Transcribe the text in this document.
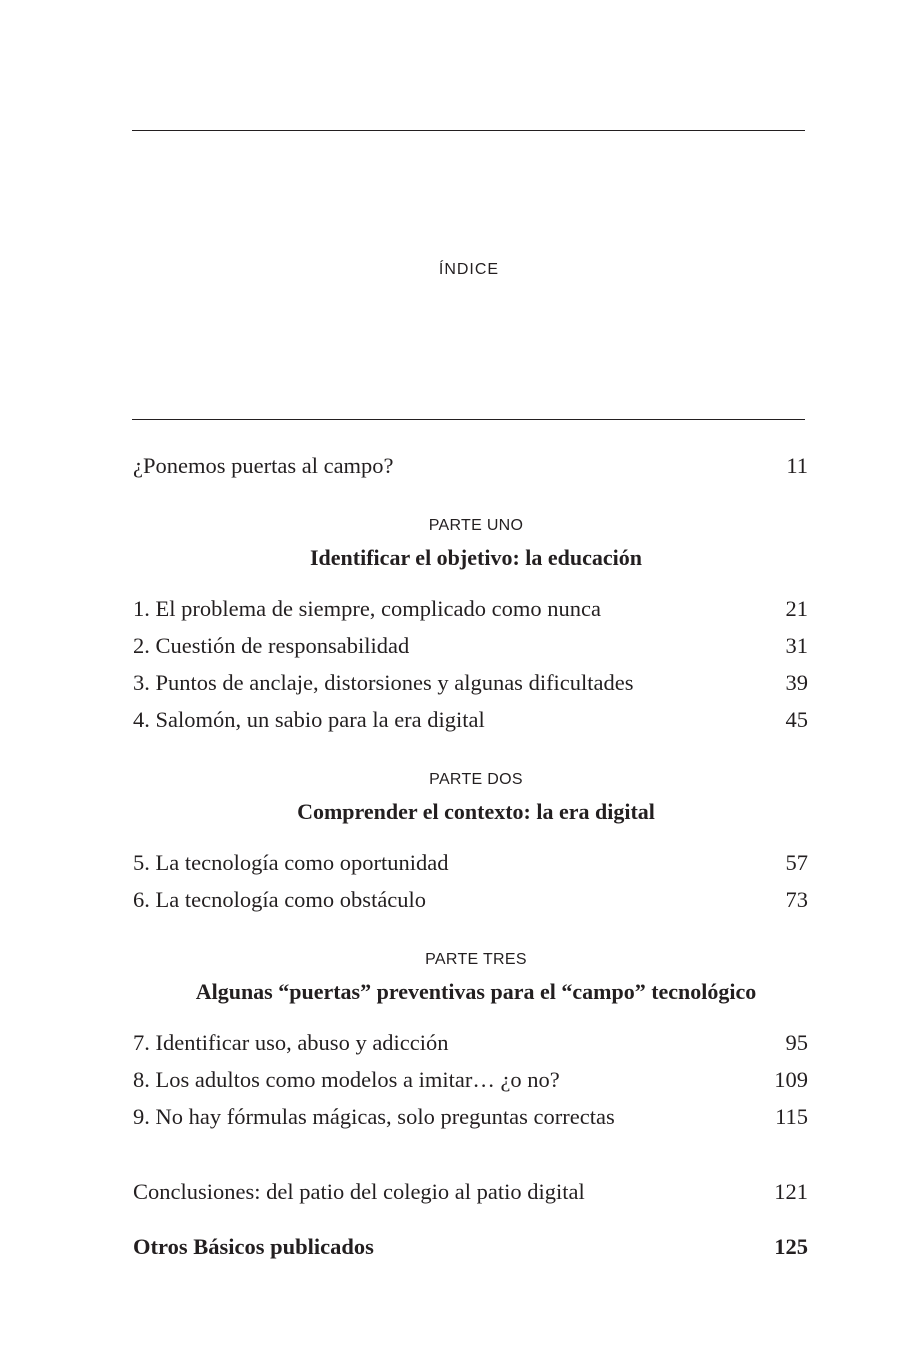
ÍNDICE
¿Ponemos puertas al campo?	11
PARTE UNO
Identificar el objetivo: la educación
1. El problema de siempre, complicado como nunca	21
2. Cuestión de responsabilidad	31
3. Puntos de anclaje, distorsiones y algunas dificultades	39
4. Salomón, un sabio para la era digital	45
PARTE DOS
Comprender el contexto: la era digital
5. La tecnología como oportunidad	57
6. La tecnología como obstáculo	73
PARTE TRES
Algunas “puertas” preventivas para el “campo” tecnológico
7. Identificar uso, abuso y adicción	95
8. Los adultos como modelos a imitar… ¿o no?	109
9. No hay fórmulas mágicas, solo preguntas correctas	115
Conclusiones: del patio del colegio al patio digital	121
Otros Básicos publicados	125
